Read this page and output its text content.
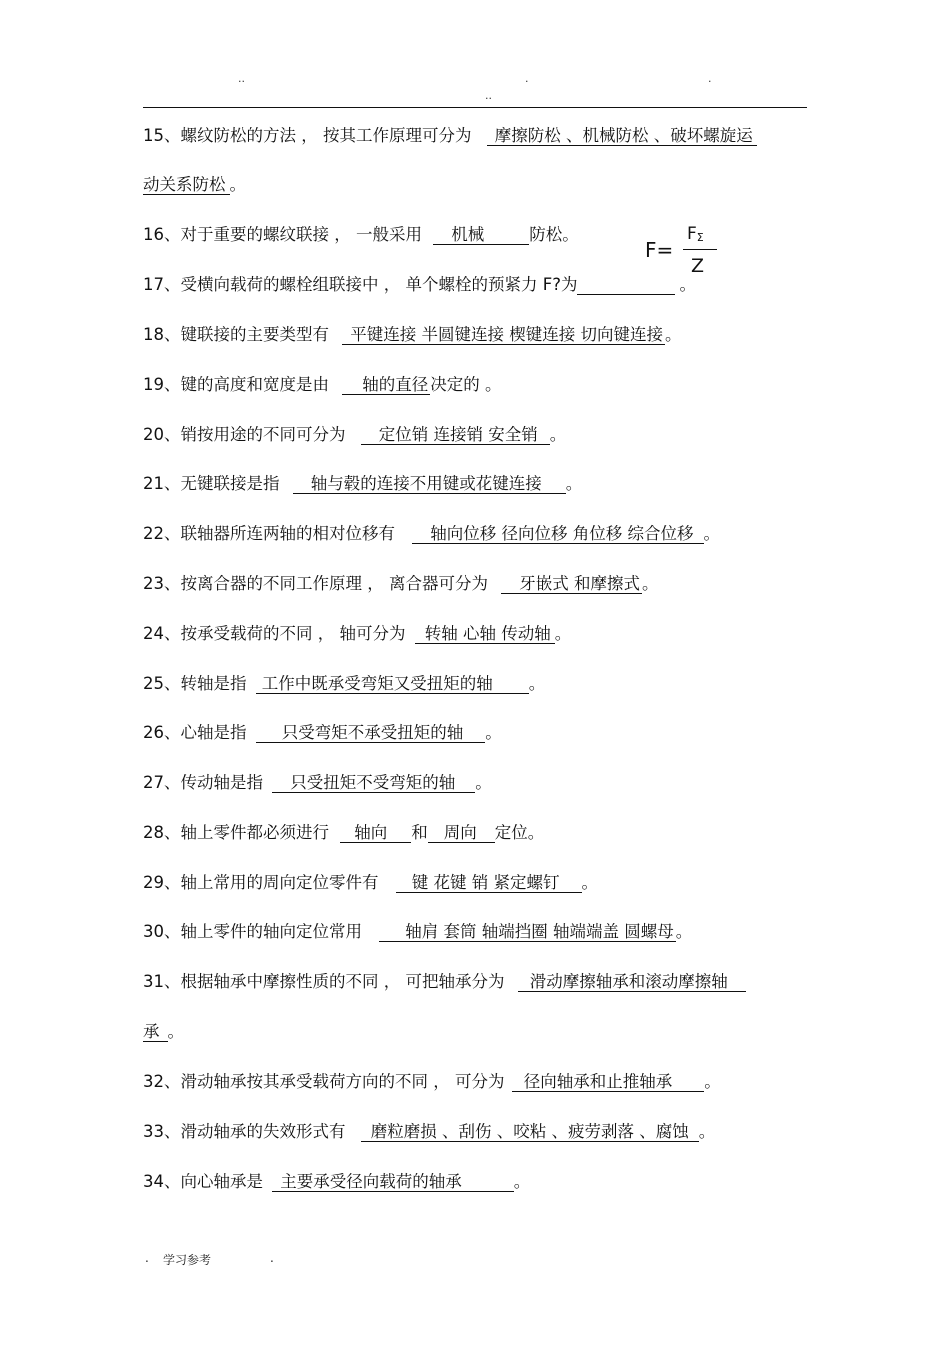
..	.	.
..
15、螺纹防松的方法 ， 按其工作原理可分为 摩擦防松 、机械防松 、破坏螺旋运
动关系防松 。
16、对于重要的螺纹联接 ， 一般采用 机械	防松。
F=
FΣ
Z
17、受横向载荷的螺栓组联接中 ， 单个螺栓的预紧力 F?为	。
18、键联接的主要类型有 平键连接 半圆键连接 楔键连接 切向键连接 。
19、键的高度和宽度是由 轴的直径 决定的 。
20、销按用途的不同可分为 定位销 连接销 安全销 。
21、无键联接是指 轴与毂的连接不用键或花键连接 。
22、联轴器所连两轴的相对位移有 轴向位移 径向位移 角位移 综合位移 。
23、按离合器的不同工作原理 ， 离合器可分为 牙嵌式 和摩擦式 。
24、按承受载荷的不同 ， 轴可分为 转轴 心轴 传动轴 。
25、转轴是指 工作中既承受弯矩又受扭矩的轴 。
26、心轴是指 只受弯矩不承受扭矩的轴 。
27、传动轴是指 只受扭矩不受弯矩的轴 。
28、轴上零件都必须进行 轴向 和 周向 定位。
29、轴上常用的周向定位零件有 键 花键 销 紧定螺钉 。
30、轴上零件的轴向定位常用	轴肩 套筒 轴端挡圈 轴端端盖 圆螺母 。
31、根据轴承中摩擦性质的不同 ， 可把轴承分为 滑动摩擦轴承和滚动摩擦轴
承 。
32、滑动轴承按其承受载荷方向的不同 ， 可分为 径向轴承和止推轴承 。
33、滑动轴承的失效形式有 磨粒磨损 、刮伤 、咬粘 、疲劳剥落 、腐蚀 。
34、向心轴承是 主要承受径向载荷的轴承	。
. 学习参考	.
